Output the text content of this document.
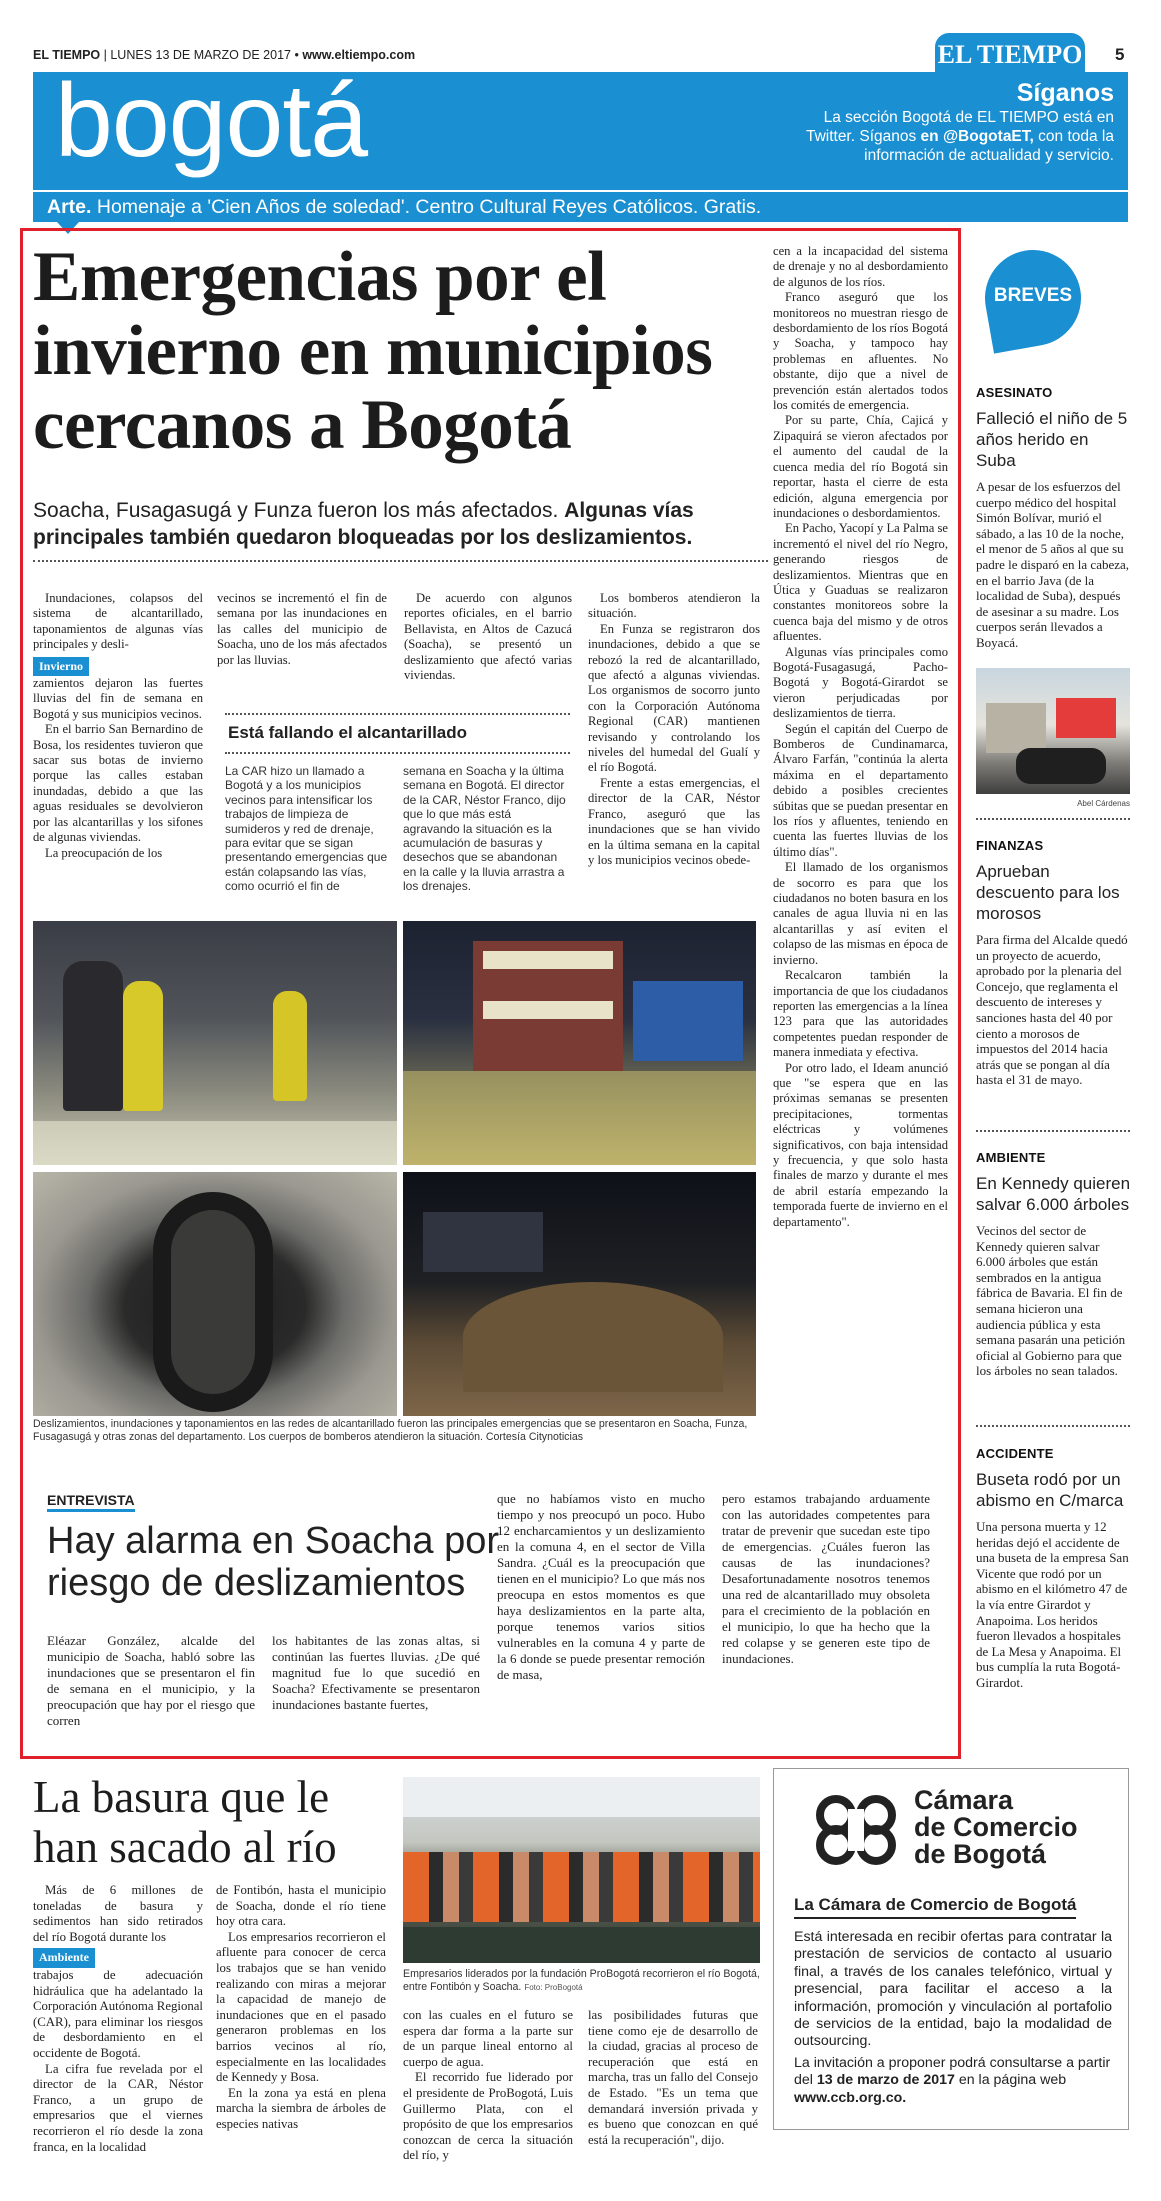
EL TIEMPO | LUNES 13 DE MARZO DE 2017 • www.eltiempo.com	EL TIEMPO 5
bogotá	Síganos
La sección Bogotá de EL TIEMPO está en
Twitter. Síganos en @BogotaET, con toda la
información de actualidad y servicio.
Arte. Homenaje a 'Cien Años de soledad'. Centro Cultural Reyes Católicos. Gratis.
Emergencias por el
invierno en municipios
cercanos a Bogotá
Soacha, Fusagasugá y Funza fueron los más afectados. Algunas vías
principales también quedaron bloqueadas por los deslizamientos.

Inundaciones, colapsos del sistema de alcantarillado, taponamientos de algunas vías principales y desli-

Invierno

zamientos dejaron las fuertes lluvias del fin de semana en Bogotá y sus municipios vecinos.

En el barrio San Bernardino de Bosa, los residentes tuvieron que sacar sus botas de invierno porque las calles estaban inundadas, debido a que las aguas residuales se devolvieron por las alcantarillas y los sifones de algunas viviendas.

La preocupación de los

vecinos se incrementó el fin de semana por las inundaciones en las calles del municipio de Soacha, uno de los más afectados por las lluvias.

De acuerdo con algunos reportes oficiales, en el barrio Bellavista, en Altos de Cazucá (Soacha), se presentó un deslizamiento que afectó varias viviendas.

Los bomberos atendieron la situación.

En Funza se registraron dos inundaciones, debido a que se rebozó la red de alcantarillado, que afectó a algunas viviendas. Los organismos de socorro junto con la Corporación Autónoma Regional (CAR) mantienen revisando y controlando los niveles del humedal del Gualí y el río Bogotá.

Frente a estas emergencias, el director de la CAR, Néstor Franco, aseguró que las inundaciones que se han vivido en la última semana en la capital y los municipios vecinos obede-

Está fallando el alcantarillado
La CAR hizo un llamado a Bogotá y a los municipios vecinos para intensificar los trabajos de limpieza de sumideros y red de drenaje, para evitar que se sigan presentando emergencias que están colapsando las vías, como ocurrió el fin de
semana en Soacha y la última semana en Bogotá. El director de la CAR, Néstor Franco, dijo que lo que más está agravando la situación es la acumulación de basuras y desechos que se abandonan en la calle y la lluvia arrastra a los drenajes.

cen a la incapacidad del sistema de drenaje y no al desbordamiento de algunos de los ríos.

Franco aseguró que los monitoreos no muestran riesgo de desbordamiento de los ríos Bogotá y Soacha, y tampoco hay problemas en afluentes. No obstante, dijo que a nivel de prevención están alertados todos los comités de emergencia.

Por su parte, Chía, Cajicá y Zipaquirá se vieron afectados por el aumento del caudal de la cuenca media del río Bogotá sin reportar, hasta el cierre de esta edición, alguna emergencia por inundaciones o desbordamientos.

En Pacho, Yacopí y La Palma se incrementó el nivel del río Negro, generando riesgos de deslizamientos. Mientras que en Útica y Guaduas se realizaron constantes monitoreos sobre la cuenca baja del mismo y de otros afluentes.

Algunas vías principales como Bogotá-Fusagasugá, Pacho-Bogotá y Bogotá-Girardot se vieron perjudicadas por deslizamientos de tierra.

Según el capitán del Cuerpo de Bomberos de Cundinamarca, Álvaro Farfán, "continúa la alerta máxima en el departamento debido a posibles crecientes súbitas que se puedan presentar en los ríos y afluentes, teniendo en cuenta las fuertes lluvias de los último días".

El llamado de los organismos de socorro es para que los ciudadanos no boten basura en los canales de agua lluvia ni en las alcantarillas y así eviten el colapso de las mismas en época de invierno.

Recalcaron también la importancia de que los ciudadanos reporten las emergencias a la línea 123 para que las autoridades competentes puedan responder de manera inmediata y efectiva.

Por otro lado, el Ideam anunció que "se espera que en las próximas semanas se presenten precipitaciones, tormentas eléctricas y volúmenes significativos, con baja intensidad y frecuencia, y que solo hasta finales de marzo y durante el mes de abril estaría empezando la temporada fuerte de invierno en el departamento".

Deslizamientos, inundaciones y taponamientos en las redes de alcantarillado fueron las principales emergencias que se presentaron en Soacha, Funza, Fusagasugá y otras zonas del departamento. Los cuerpos de bomberos atendieron la situación. Cortesía Citynoticias
ENTREVISTA
Hay alarma en Soacha por
riesgo de deslizamientos
Eléazar González, alcalde del municipio de Soacha, habló sobre las inundaciones que se presentaron el fin de semana en el municipio, y la preocupación que hay por el riesgo que corren
los habitantes de las zonas altas, si continúan las fuertes lluvias. ¿De qué magnitud fue lo que sucedió en Soacha? Efectivamente se presentaron inundaciones bastante fuertes,
que no habíamos visto en mucho tiempo y nos preocupó un poco. Hubo 12 encharcamientos y un deslizamiento en la comuna 4, en el sector de Villa Sandra. ¿Cuál es la preocupación que tienen en el municipio? Lo que más nos preocupa en estos momentos es que haya deslizamientos en la parte alta, porque tenemos varios sitios vulnerables en la comuna 4 y parte de la 6 donde se puede presentar remoción de masa,
pero estamos trabajando arduamente con las autoridades competentes para tratar de prevenir que sucedan este tipo de emergencias. ¿Cuáles fueron las causas de las inundaciones? Desafortunadamente nosotros tenemos una red de alcantarillado muy obsoleta para el crecimiento de la población en el municipio, lo que ha hecho que la red colapse y se generen este tipo de inundaciones.
BREVES
ASESINATO
Falleció el niño de 5 años herido en Suba
A pesar de los esfuerzos del cuerpo médico del hospital Simón Bolívar, murió el sábado, a las 10 de la noche, el menor de 5 años al que su padre le disparó en la cabeza, en el barrio Java (de la localidad de Suba), después de asesinar a su madre. Los cuerpos serán llevados a Boyacá.
Abel Cárdenas
FINANZAS
Aprueban descuento para los morosos
Para firma del Alcalde quedó un proyecto de acuerdo, aprobado por la plenaria del Concejo, que reglamenta el descuento de intereses y sanciones hasta del 40 por ciento a morosos de impuestos del 2014 hacia atrás que se pongan al día hasta el 31 de mayo.
AMBIENTE
En Kennedy quieren salvar 6.000 árboles
Vecinos del sector de Kennedy quieren salvar 6.000 árboles que están sembrados en la antigua fábrica de Bavaria. El fin de semana hicieron una audiencia pública y esta semana pasarán una petición oficial al Gobierno para que los árboles no sean talados.
ACCIDENTE
Buseta rodó por un abismo en C/marca
Una persona muerta y 12 heridas dejó el accidente de una buseta de la empresa San Vicente que rodó por un abismo en el kilómetro 47 de la vía entre Girardot y Anapoima. Los heridos fueron llevados a hospitales de La Mesa y Anapoima. El bus cumplía la ruta Bogotá- Girardot.
La basura que le
han sacado al río

Más de 6 millones de toneladas de basura y sedimentos han sido retirados del río Bogotá durante los

Ambiente

trabajos de adecuación hidráulica que ha adelantado la Corporación Autónoma Regional (CAR), para eliminar los riesgos de desbordamiento en el occidente de Bogotá.

La cifra fue revelada por el director de la CAR, Néstor Franco, a un grupo de empresarios que el viernes recorrieron el río desde la zona franca, en la localidad

de Fontibón, hasta el municipio de Soacha, donde el río tiene hoy otra cara.

Los empresarios recorrieron el afluente para conocer de cerca los trabajos que se han venido realizando con miras a mejorar la capacidad de manejo de inundaciones que en el pasado generaron problemas en los barrios vecinos al río, especialmente en las localidades de Kennedy y Bosa.

En la zona ya está en plena marcha la siembra de árboles de especies nativas

Empresarios liderados por la fundación ProBogotá recorrieron el río Bogotá, entre Fontibón y Soacha. Foto: ProBogotá

con las cuales en el futuro se espera dar forma a la parte sur de un parque lineal entorno al cuerpo de agua.

El recorrido fue liderado por el presidente de ProBogotá, Luis Guillermo Plata, con el propósito de que los empresarios conozcan de cerca la situación del río, y

las posibilidades futuras que tiene como eje de desarrollo de la ciudad, gracias al proceso de recuperación que está en marcha, tras un fallo del Consejo de Estado. "Es un tema que demandará inversión privada y es bueno que conozcan en qué está la recuperación", dijo.

Cámara
de Comercio
de Bogotá
La Cámara de Comercio de Bogotá
Está interesada en recibir ofertas para contratar la prestación de servicios de contacto al usuario final, a través de los canales telefónico, virtual y presencial, para facilitar el acceso a la información, promoción y vinculación al portafolio de servicios de la entidad, bajo la modalidad de outsourcing.
La invitación a proponer podrá consultarse a partir del 13 de marzo de 2017 en la página web www.ccb.org.co.
